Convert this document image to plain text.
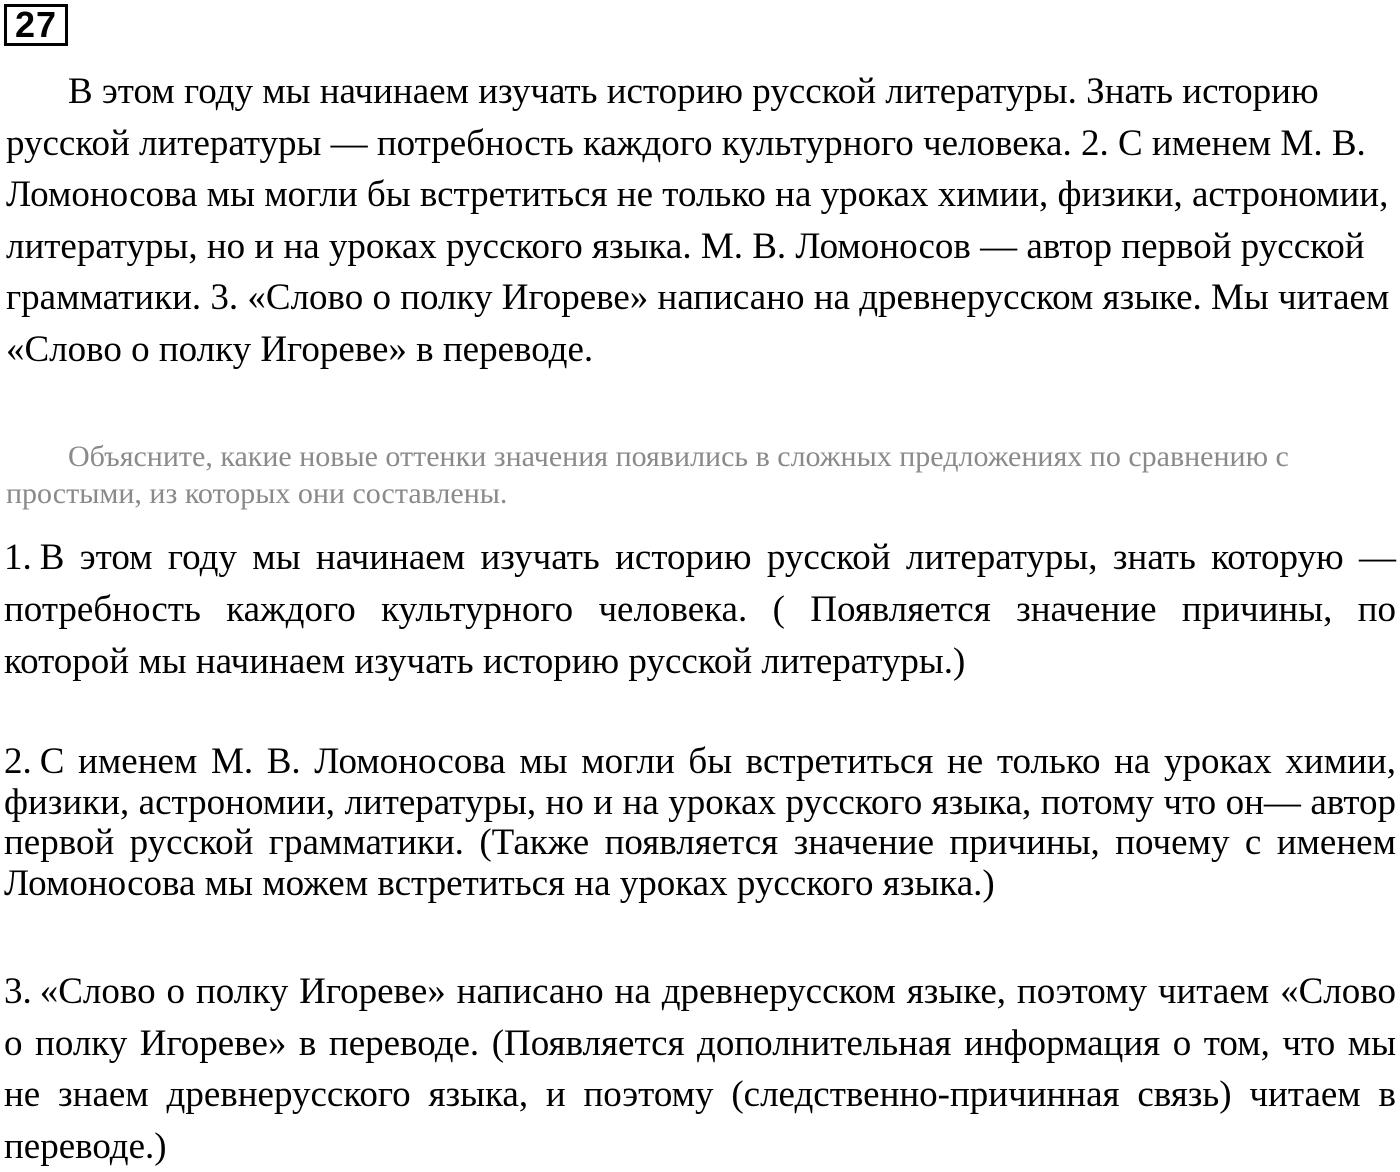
27

В этом году мы начинаем изучать историю русской литературы. Знать историю русской литературы — потребность каждого культурного человека. 2. С именем М. В. Ломоносова мы могли бы встретиться не только на уроках химии, физики, астрономии, литературы, но и на уроках русского языка. М. В. Ломоносов — автор первой русской грамматики. 3. «Слово о полку Игореве» написано на древнерусском языке. Мы читаем «Слово о полку Игореве» в переводе.

Объясните, какие новые оттенки значения появились в сложных предложениях по сравнению с простыми, из которых они составлены.

1. В этом году мы начинаем изучать историю русской литературы, знать которую — потребность каждого культурного человека. ( Появляется значение причины, по которой мы начинаем изучать историю русской литературы.)

2. С именем М. В. Ломоносова мы могли бы встретиться не только на уроках химии, физики, астрономии, литературы, но и на уроках русского языка, потому что он— автор первой русской грамматики. (Также появляется значение причины, почему с именем Ломоносова мы можем встретиться на уроках русского языка.)

3. «Слово о полку Игореве» написано на древнерусском языке, поэтому читаем «Слово о полку Игореве» в переводе. (Появляется дополнительная информация о том, что мы не знаем древнерусского языка, и поэтому (следственно-причинная связь) читаем в переводе.)
